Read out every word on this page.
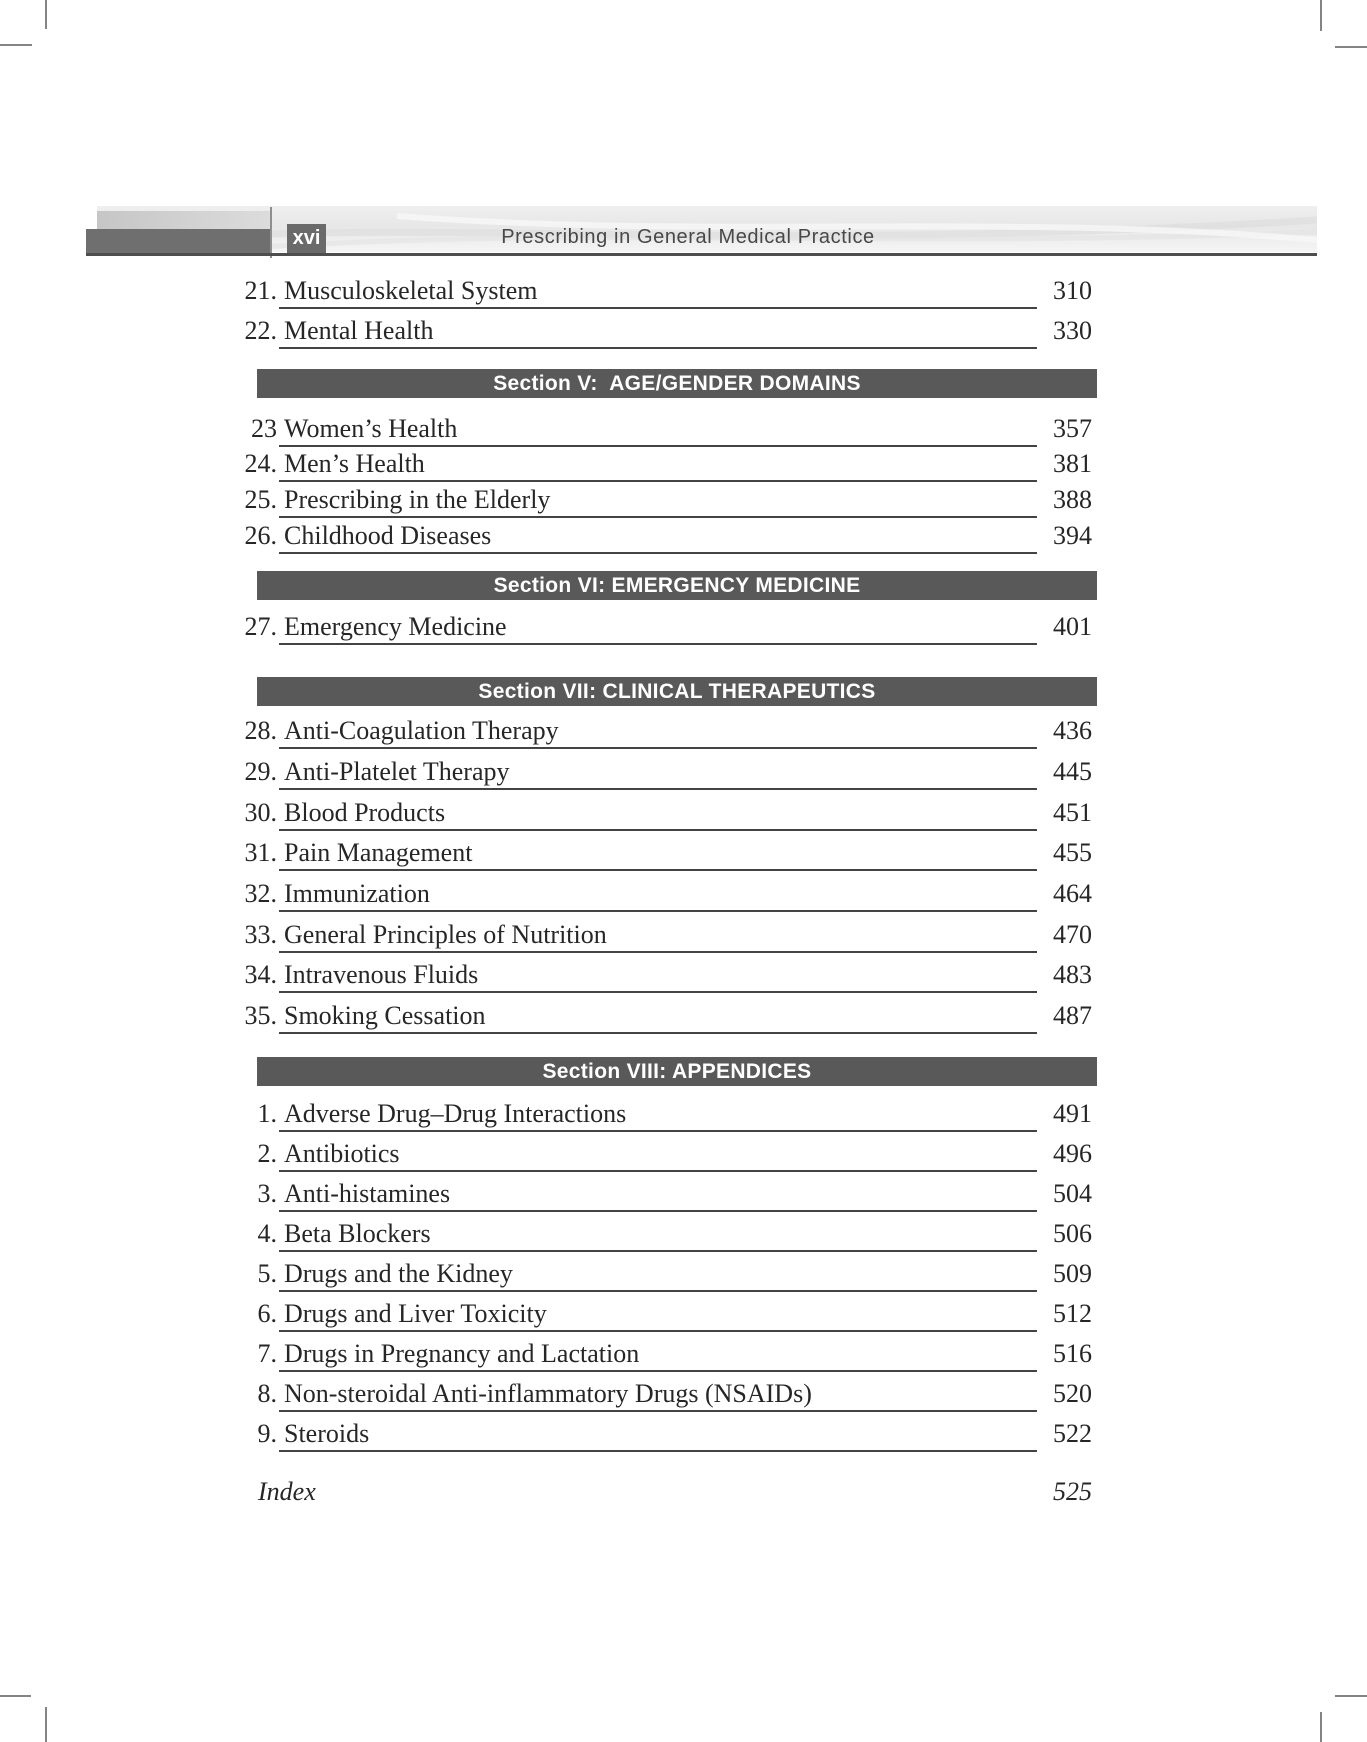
xvi	Prescribing in General Medical Practice
21. Musculoskeletal System	310
22. Mental Health	330
Section V:  AGE/GENDER DOMAINS
23 Women’s Health	357
24. Men’s Health	381
25. Prescribing in the Elderly	388
26. Childhood Diseases	394
Section VI: EMERGENCY MEDICINE
27. Emergency Medicine	401
Section VII: CLINICAL THERAPEUTICS
28. Anti-Coagulation Therapy	436
29. Anti-Platelet Therapy	445
30. Blood Products	451
31. Pain Management	455
32. Immunization	464
33. General Principles of Nutrition	470
34. Intravenous Fluids	483
35. Smoking Cessation	487
Section VIII: APPENDICES
1. Adverse Drug–Drug Interactions	491
2. Antibiotics	496
3. Anti-histamines	504
4. Beta Blockers	506
5. Drugs and the Kidney	509
6. Drugs and Liver Toxicity	512
7. Drugs in Pregnancy and Lactation	516
8. Non-steroidal Anti-inflammatory Drugs (NSAIDs)	520
9. Steroids	522
Index	525
